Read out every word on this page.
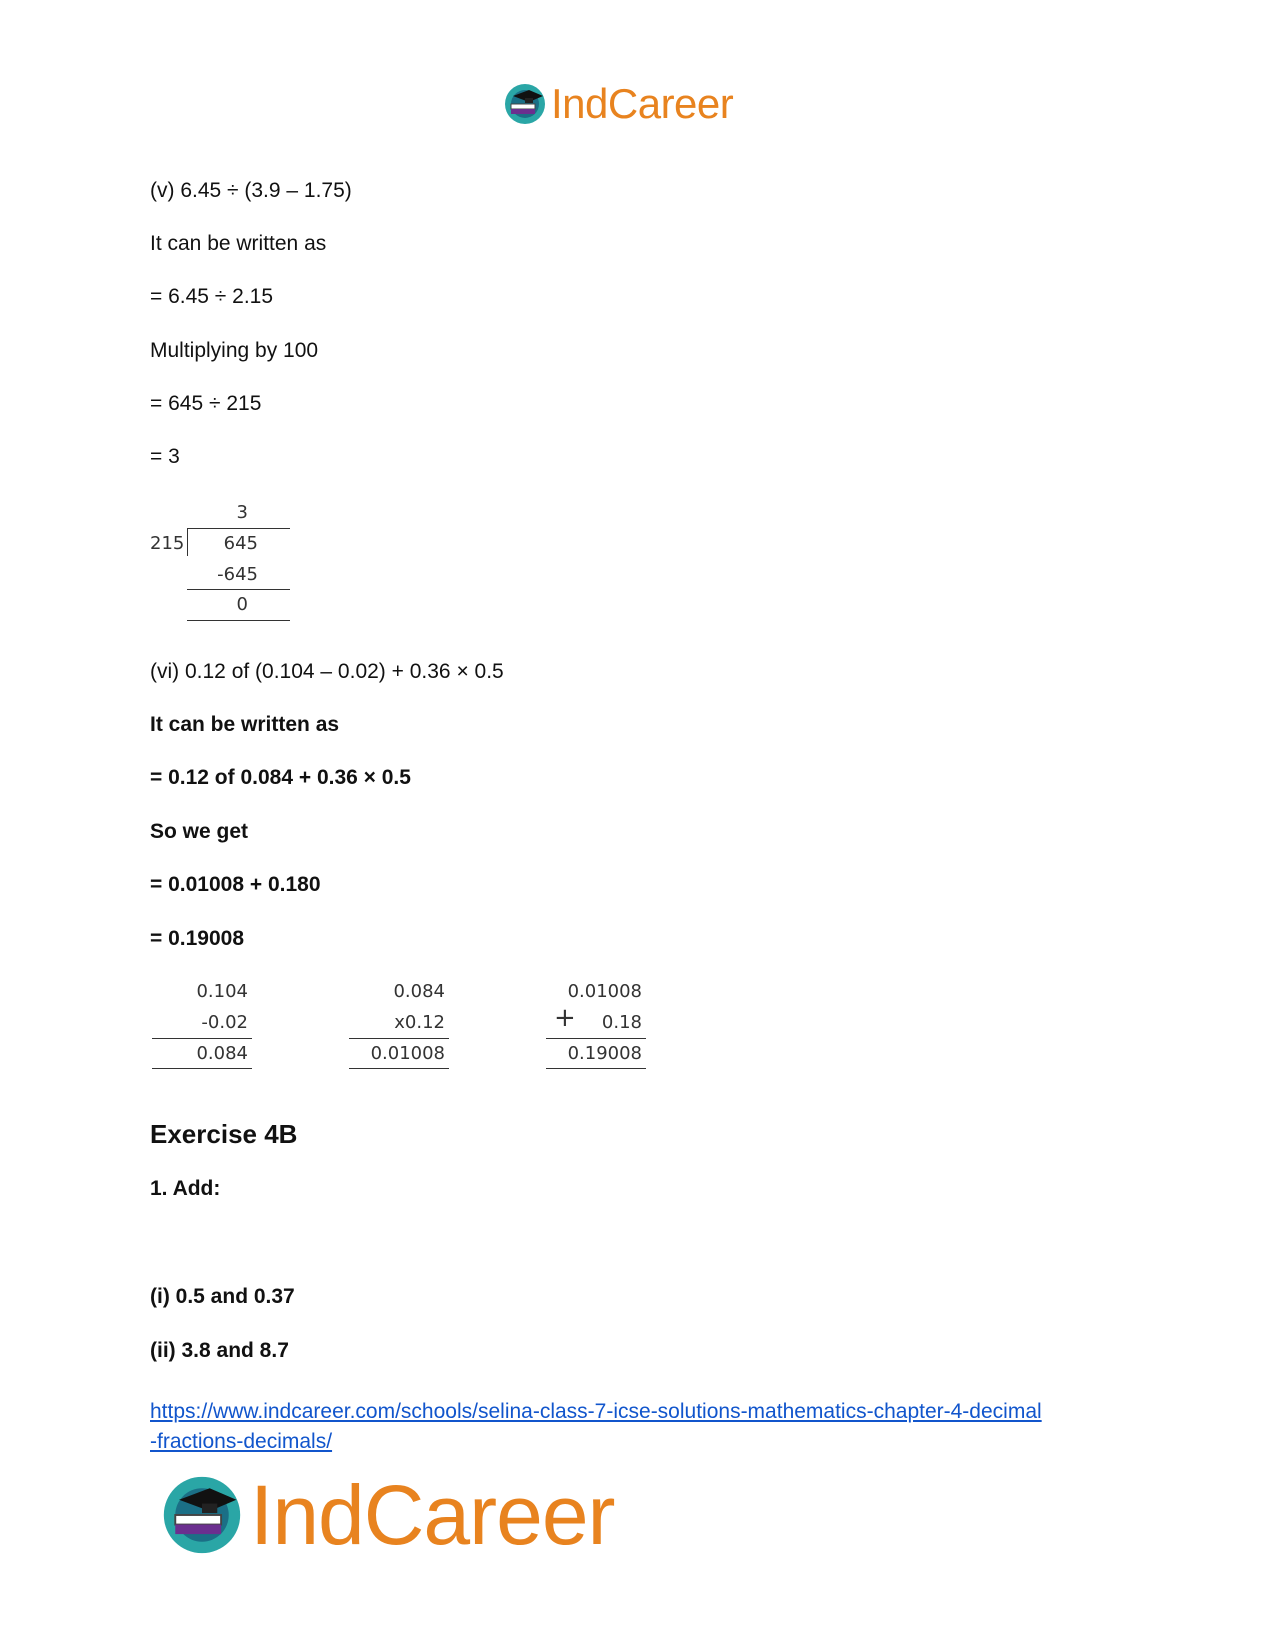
IndCareer
(v) 6.45 ÷ (3.9 – 1.75)
It can be written as
= 6.45 ÷ 2.15
Multiplying by 100
= 645 ÷ 215
= 3
3
215 645
-645
0
(vi) 0.12 of (0.104 – 0.02) + 0.36 × 0.5
It can be written as
= 0.12 of 0.084 + 0.36 × 0.5
So we get
= 0.01008 + 0.180
= 0.19008
0.104
-0.02
0.084
0.084
x0.12
0.01008
0.01008
+ 0.18
0.19008
Exercise 4B
1. Add:
(i) 0.5 and 0.37
(ii) 3.8 and 8.7
https://www.indcareer.com/schools/selina-class-7-icse-solutions-mathematics-chapter-4-decimal
-fractions-decimals/
IndCareer
